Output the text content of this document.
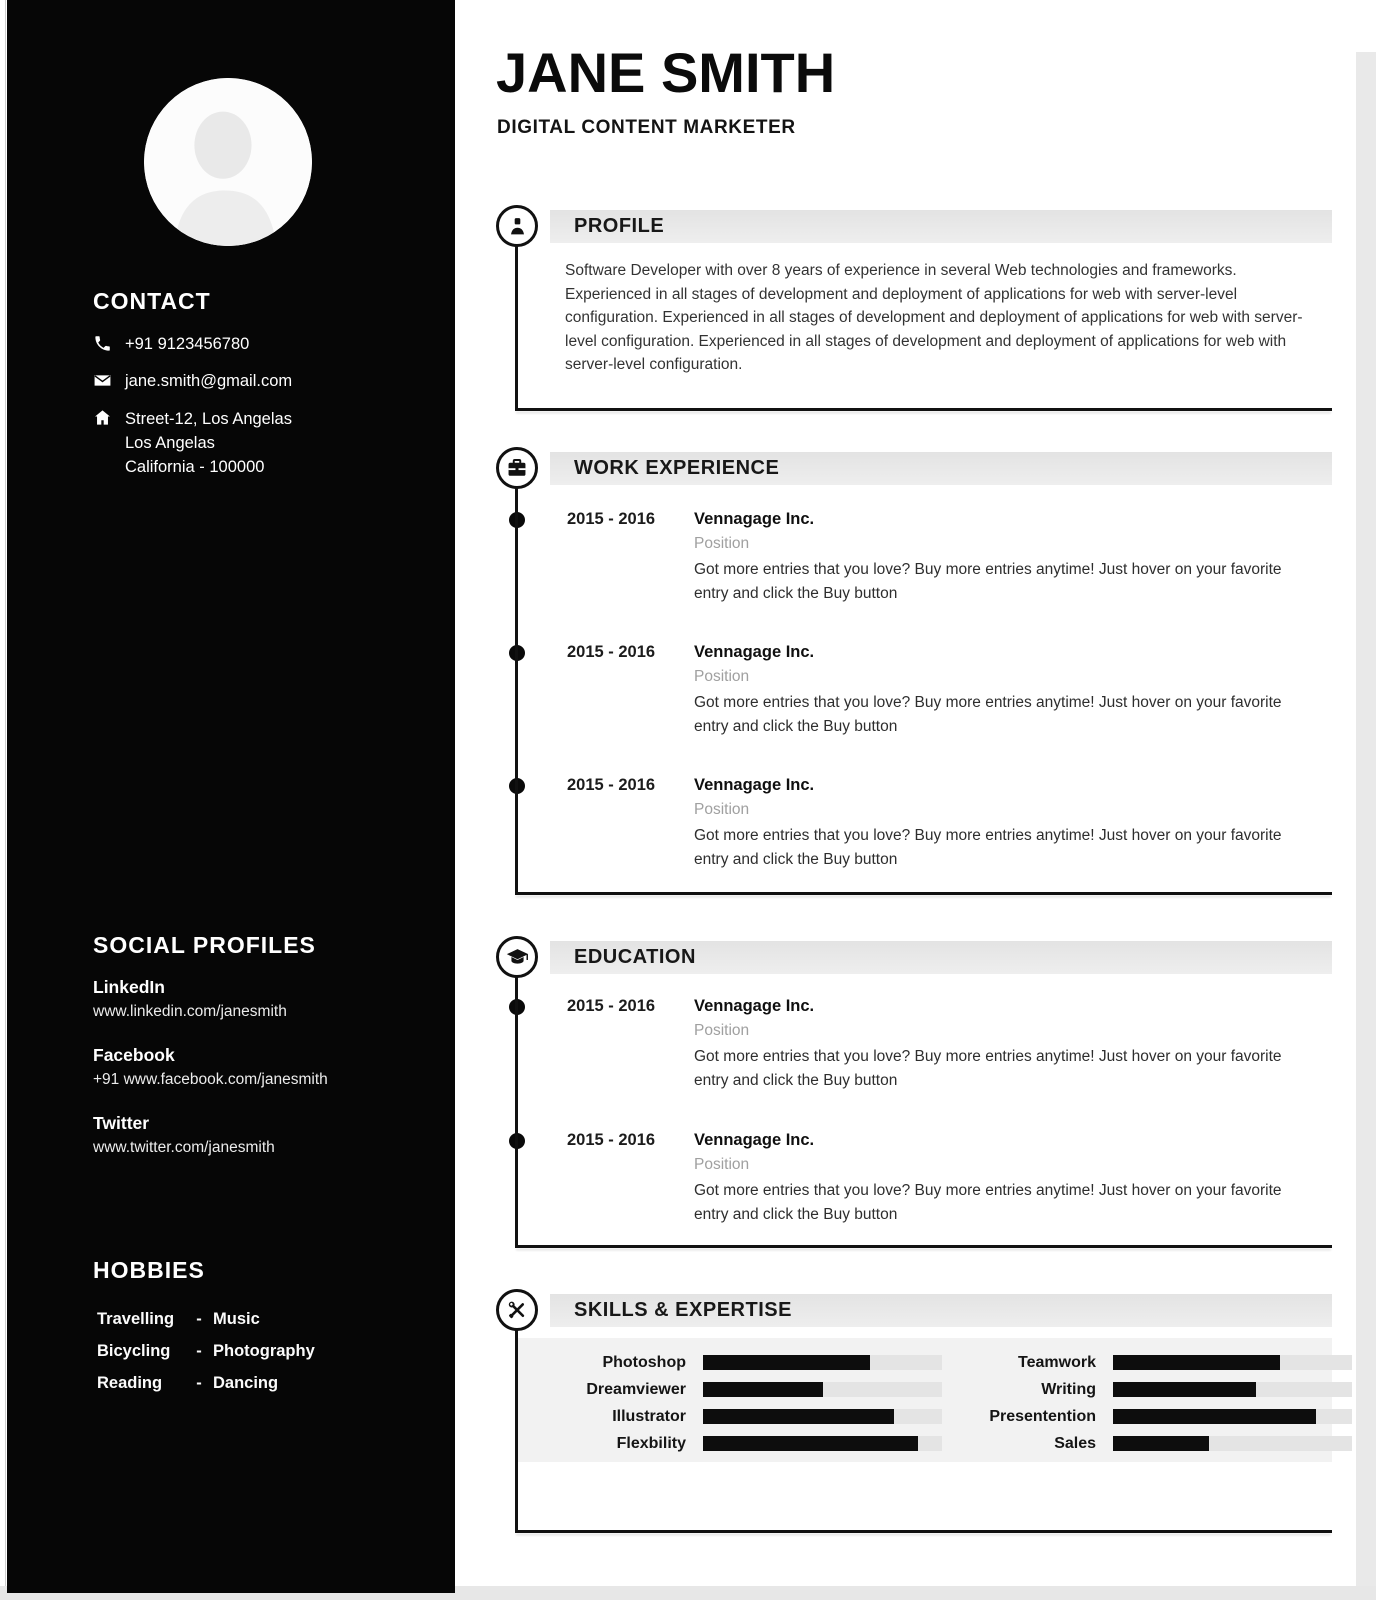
CONTACT
+91 9123456780
jane.smith@gmail.com
Street-12, Los Angelas
Los Angelas
California - 100000
SOCIAL PROFILES
LinkedIn
www.linkedin.com/janesmith
Facebook
+91 www.facebook.com/janesmith
Twitter
www.twitter.com/janesmith
HOBBIES
Travelling	- Music
Bicycling	- Photography
Reading	- Dancing
JANE SMITH
DIGITAL CONTENT MARKETER
PROFILE
Software Developer with over 8 years of experience in several Web technologies and frameworks. Experienced in all stages of development and deployment of applications for web with server-level configuration. Experienced in all stages of development and deployment of applications for web with server-level configuration. Experienced in all stages of development and deployment of applications for web with server-level configuration.
WORK EXPERIENCE
2015 - 2016	Vennagage Inc.
Position
Got more entries that you love? Buy more entries anytime! Just hover on your favorite entry and click the Buy button
2015 - 2016	Vennagage Inc.
Position
Got more entries that you love? Buy more entries anytime! Just hover on your favorite entry and click the Buy button
2015 - 2016	Vennagage Inc.
Position
Got more entries that you love? Buy more entries anytime! Just hover on your favorite entry and click the Buy button
EDUCATION
2015 - 2016	Vennagage Inc.
Position
Got more entries that you love? Buy more entries anytime! Just hover on your favorite entry and click the Buy button
2015 - 2016	Vennagage Inc.
Position
Got more entries that you love? Buy more entries anytime! Just hover on your favorite entry and click the Buy button
SKILLS & EXPERTISE
Photoshop
Dreamviewer
Illustrator
Flexbility
Teamwork
Writing
Presentention
Sales
